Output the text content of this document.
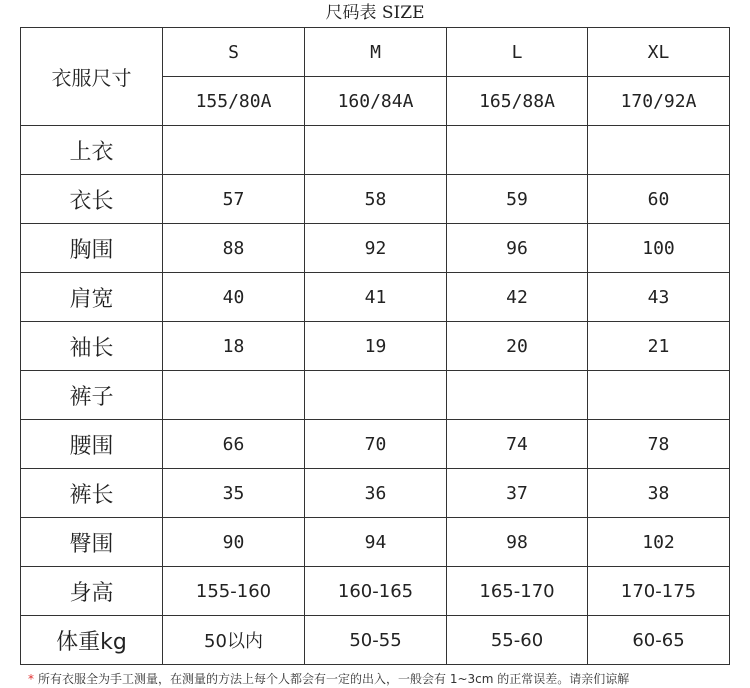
尺码表 SIZE
衣服尺寸	S	M	L	XL
	155/80A	160/84A	165/88A	170/92A
上衣				
衣长	57	58	59	60
胸围	88	92	96	100
肩宽	40	41	42	43
袖长	18	19	20	21
裤子				
腰围	66	70	74	78
裤长	35	36	37	38
臀围	90	94	98	102
身高	155-160	160-165	165-170	170-175
体重kg	50以内	50-55	55-60	60-65
* 所有衣服全为手工测量，在测量的方法上每个人都会有一定的出入，一般会有 1~3cm 的正常误差。请亲们谅解
